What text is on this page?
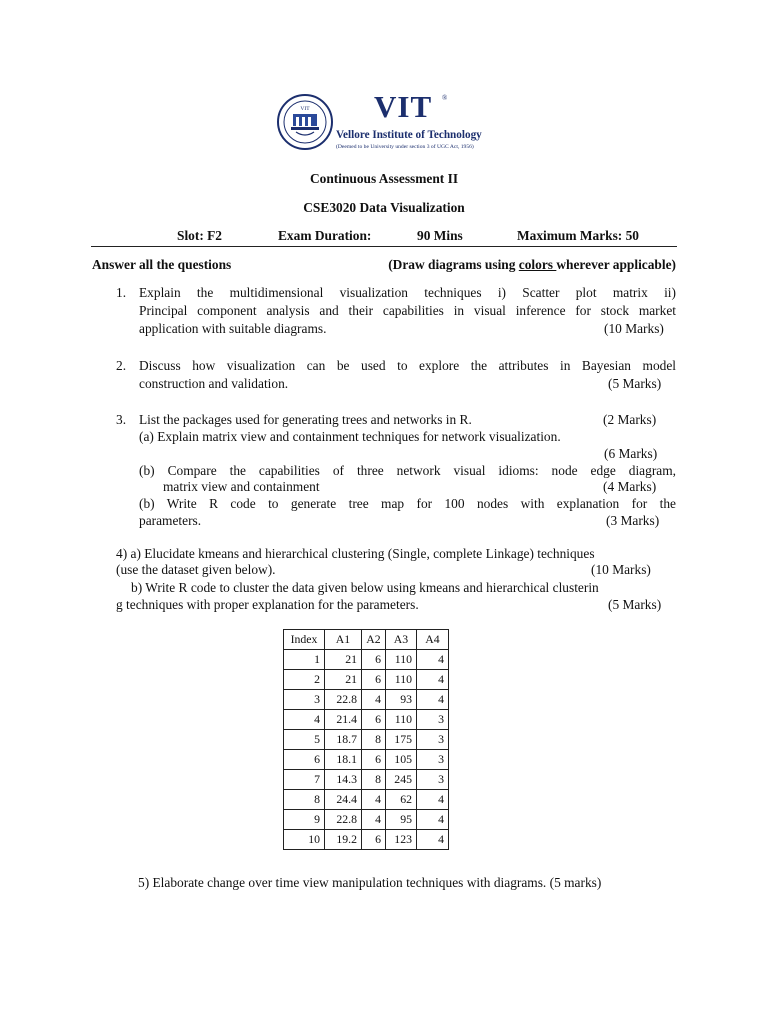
VIT VIT ®
Vellore Institute of Technology
(Deemed to be University under section 3 of UGC Act, 1956)
Continuous Assessment II
CSE3020 Data Visualization
Slot: F2	Exam Duration:	90 Mins	Maximum Marks: 50
Answer all the questions	(Draw diagrams using colors wherever applicable)
1. Explain the multidimensional visualization techniques i) Scatter plot matrix ii)
Principal component analysis and their capabilities in visual inference for stock market
application with suitable diagrams.	(10 Marks)
2. Discuss how visualization can be used to explore the attributes in Bayesian model
construction and validation.	(5 Marks)
3. List the packages used for generating trees and networks in R.	(2 Marks)
(a) Explain matrix view and containment techniques for network visualization.
(6 Marks)
(b) Compare the capabilities of three network visual idioms: node edge diagram,
matrix view and containment	(4 Marks)
(b) Write R code to generate tree map for 100 nodes with explanation for the
parameters.	(3 Marks)
4) a) Elucidate kmeans and hierarchical clustering (Single, complete Linkage) techniques
(use the dataset given below).	(10 Marks)
b) Write R code to cluster the data given below using kmeans and hierarchical clusterin
g techniques with proper explanation for the parameters.	(5 Marks)
Index	A1	A2	A3	A4
1	21	6	110	4
2	21	6	110	4
3	22.8	4	93	4
4	21.4	6	110	3
5	18.7	8	175	3
6	18.1	6	105	3
7	14.3	8	245	3
8	24.4	4	62	4
9	22.8	4	95	4
10	19.2	6	123	4
5) Elaborate change over time view manipulation techniques with diagrams. (5 marks)
